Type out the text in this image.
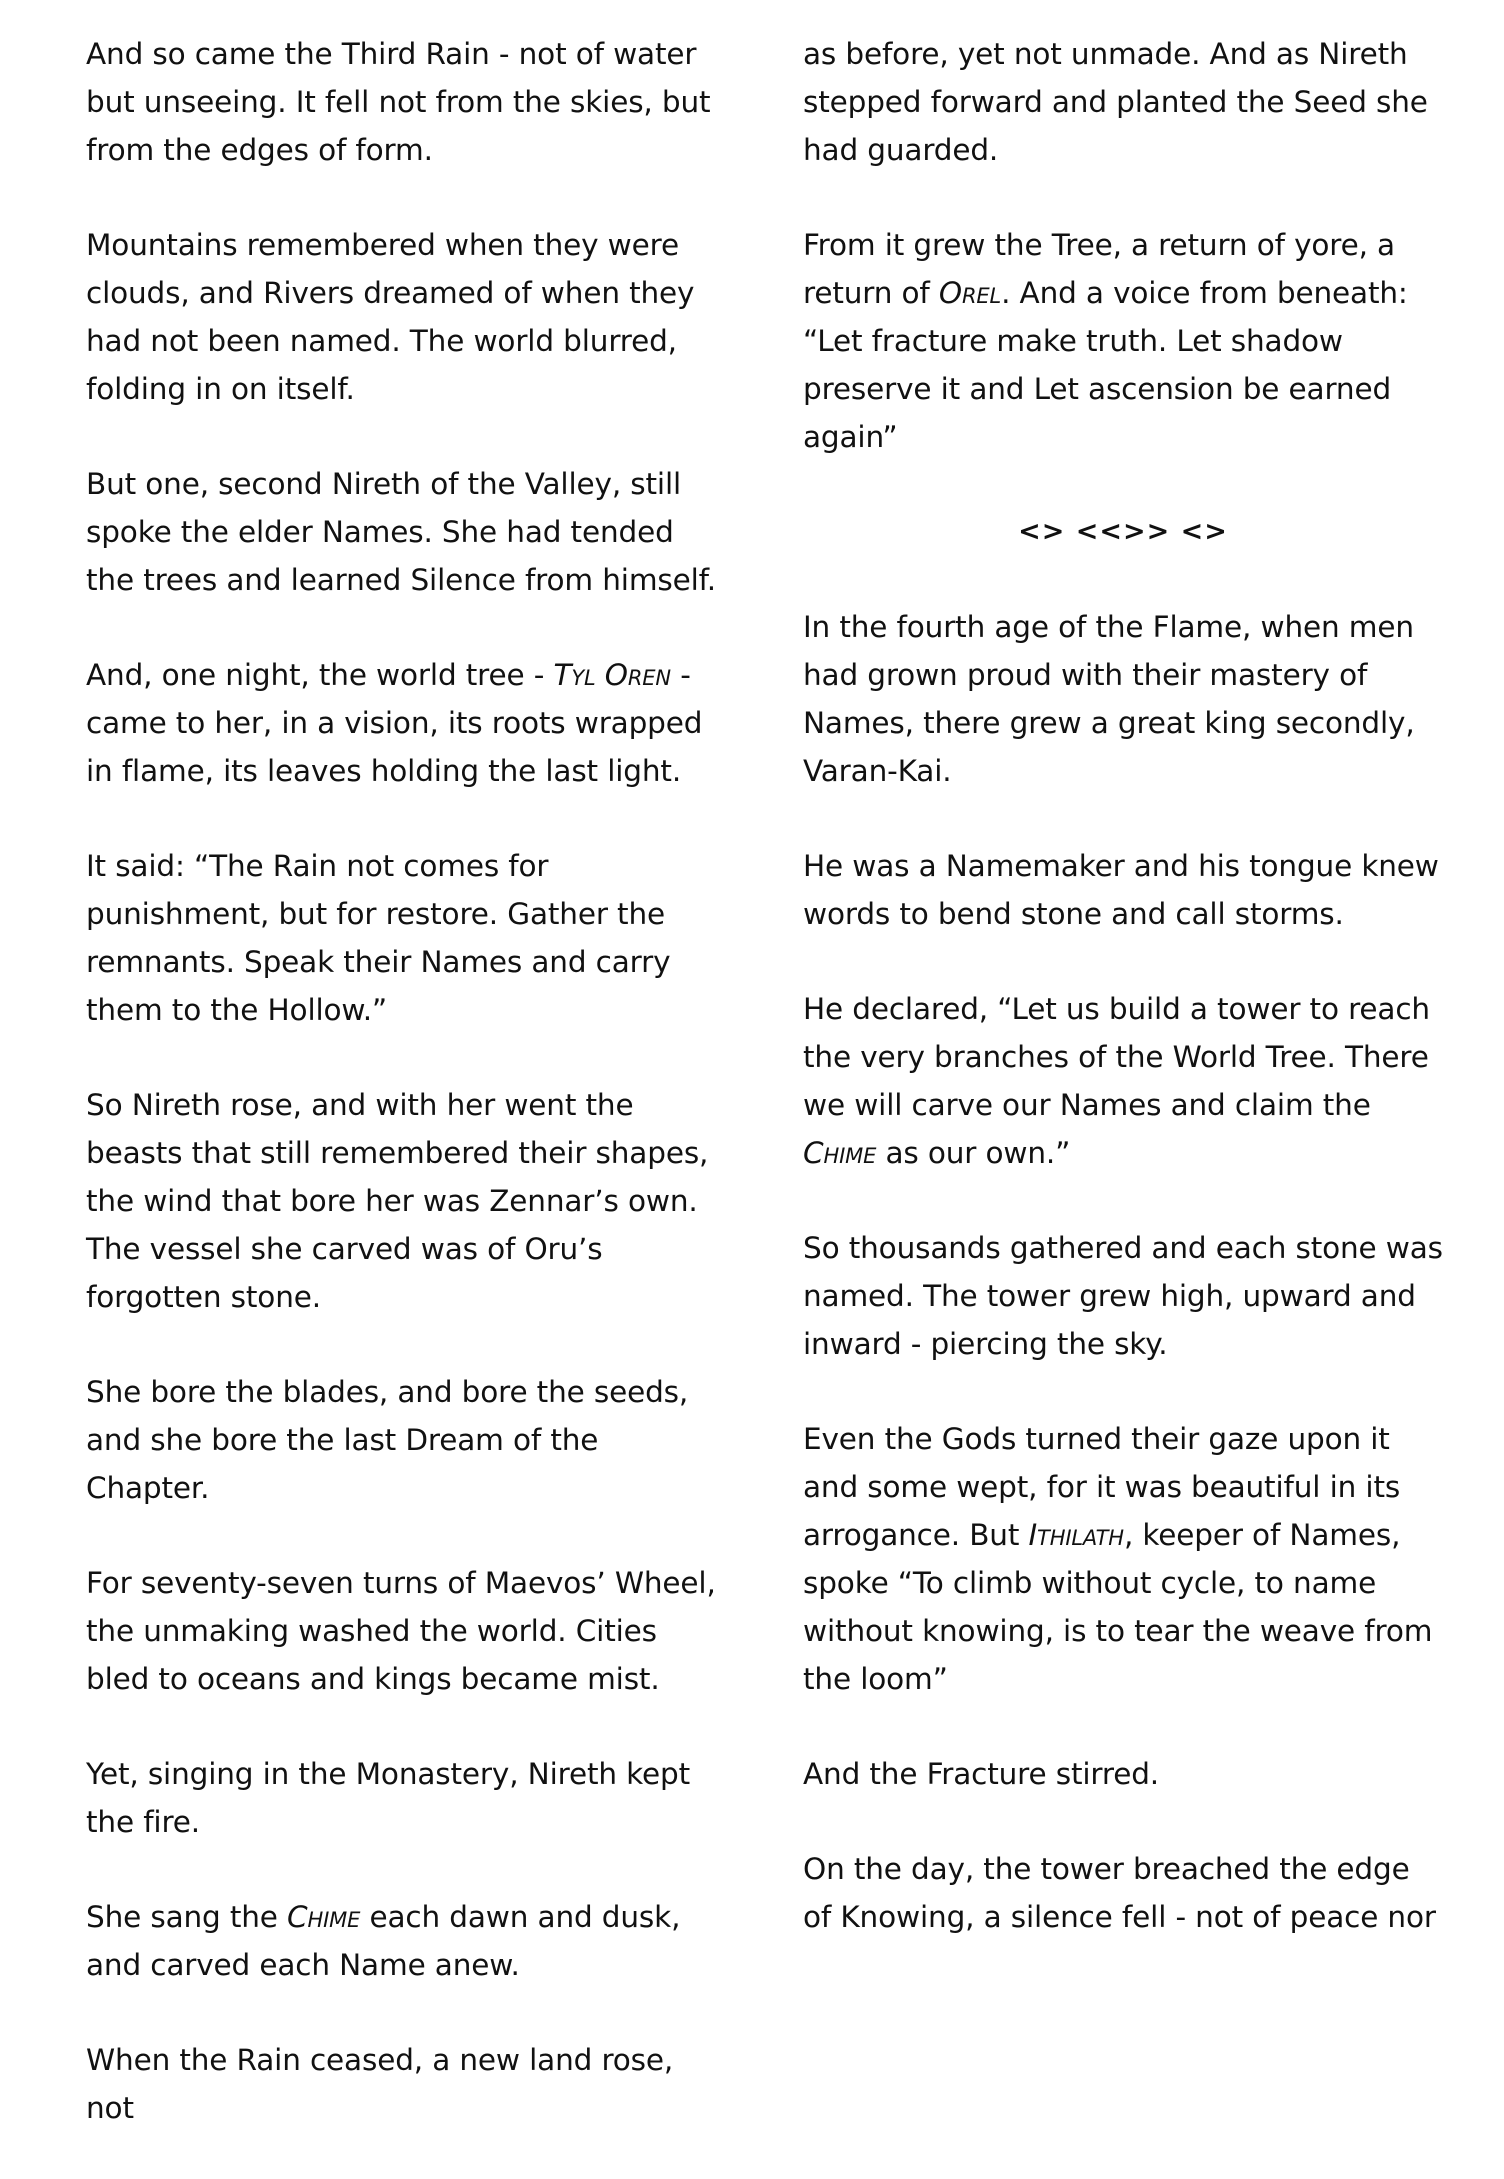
And so came the Third Rain - not of water but unseeing. It fell not from the skies, but from the edges of form.

Mountains remembered when they were clouds, and Rivers dreamed of when they had not been named. The world blurred, folding in on itself.

But one, second Nireth of the Valley, still spoke the elder Names. She had tended the trees and learned Silence from himself.

And, one night, the world tree - Tyl Oren - came to her, in a vision, its roots wrapped in flame, its leaves holding the last light.

It said: “The Rain not comes for punishment, but for restore. Gather the remnants. Speak their Names and carry them to the Hollow.”

So Nireth rose, and with her went the beasts that still remembered their shapes, the wind that bore her was Zennar’s own. The vessel she carved was of Oru’s forgotten stone.

She bore the blades, and bore the seeds, and she bore the last Dream of the Chapter.

For seventy-seven turns of Maevos’ Wheel, the unmaking washed the world. Cities bled to oceans and kings became mist.

Yet, singing in the Monastery, Nireth kept the fire.

She sang the Chime each dawn and dusk, and carved each Name anew.

When the Rain ceased, a new land rose, not

as before, yet not unmade. And as Nireth stepped forward and planted the Seed she had guarded.

From it grew the Tree, a return of yore, a return of Orel. And a voice from beneath: “Let fracture make truth. Let shadow preserve it and Let ascension be earned again”

<> <<>> <>

In the fourth age of the Flame, when men had grown proud with their mastery of Names, there grew a great king secondly, Varan-Kai.

He was a Namemaker and his tongue knew words to bend stone and call storms.

He declared, “Let us build a tower to reach the very branches of the World Tree. There we will carve our Names and claim the Chime as our own.”

So thousands gathered and each stone was named. The tower grew high, upward and inward - piercing the sky.

Even the Gods turned their gaze upon it and some wept, for it was beautiful in its arrogance. But Ithilath, keeper of Names, spoke “To climb without cycle, to name without knowing, is to tear the weave from the loom”

And the Fracture stirred.

On the day, the tower breached the edge of Knowing, a silence fell - not of peace nor
